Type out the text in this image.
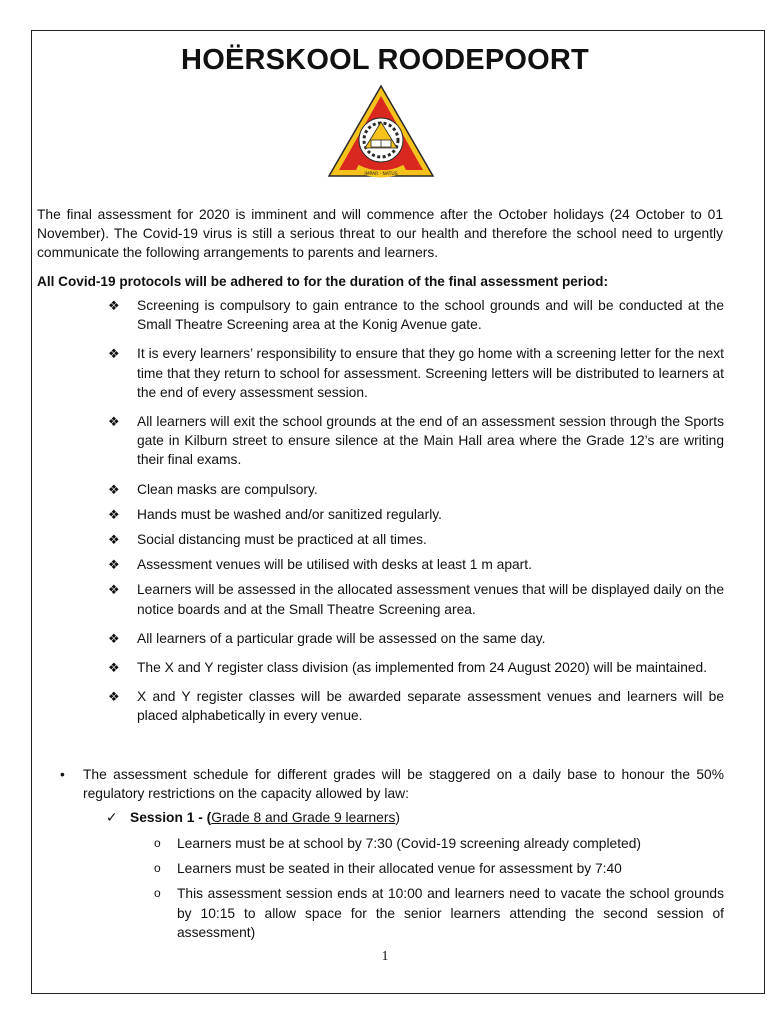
HOËRSKOOL ROODEPOORT
IMPAR · NATUS

The final assessment for 2020 is imminent and will commence after the October holidays (24 October to 01 November). The Covid-19 virus is still a serious threat to our health and therefore the school need to urgently communicate the following arrangements to parents and learners.

All Covid-19 protocols will be adhered to for the duration of the final assessment period:

❖ Screening is compulsory to gain entrance to the school grounds and will be conducted at the Small Theatre Screening area at the Konig Avenue gate.
❖ It is every learners’ responsibility to ensure that they go home with a screening letter for the next time that they return to school for assessment. Screening letters will be distributed to learners at the end of every assessment session.
❖ All learners will exit the school grounds at the end of an assessment session through the Sports gate in Kilburn street to ensure silence at the Main Hall area where the Grade 12’s are writing their final exams.
❖ Clean masks are compulsory.
❖ Hands must be washed and/or sanitized regularly.
❖ Social distancing must be practiced at all times.
❖ Assessment venues will be utilised with desks at least 1 m apart.
❖ Learners will be assessed in the allocated assessment venues that will be displayed daily on the notice boards and at the Small Theatre Screening area.
❖ All learners of a particular grade will be assessed on the same day.
❖ The X and Y register class division (as implemented from 24 August 2020) will be maintained.
❖ X and Y register classes will be awarded separate assessment venues and learners will be placed alphabetically in every venue.
• The assessment schedule for different grades will be staggered on a daily base to honour the 50% regulatory restrictions on the capacity allowed by law:
✓ Session 1 - (Grade 8 and Grade 9 learners)
o Learners must be at school by 7:30 (Covid-19 screening already completed)
o Learners must be seated in their allocated venue for assessment by 7:40
o This assessment session ends at 10:00 and learners need to vacate the school grounds by 10:15 to allow space for the senior learners attending the second session of assessment)
1
